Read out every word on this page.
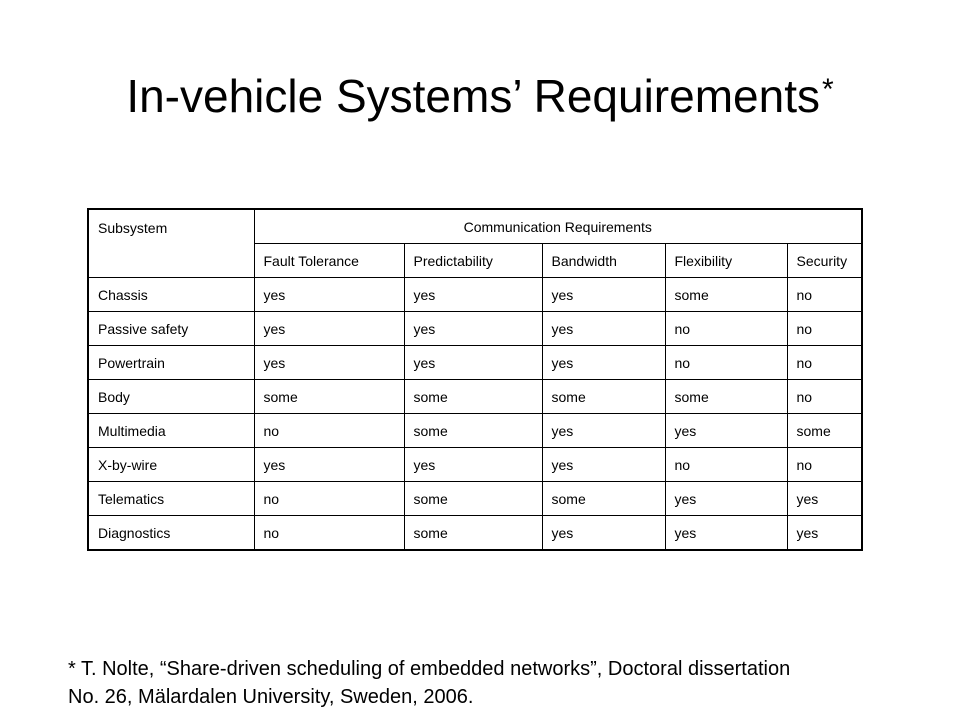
In-vehicle Systems’ Requirements*
Subsystem	Communication Requirements				
	Fault Tolerance	Predictability	Bandwidth	Flexibility	Security
Chassis	yes	yes	yes	some	no
Passive safety	yes	yes	yes	no	no
Powertrain	yes	yes	yes	no	no
Body	some	some	some	some	no
Multimedia	no	some	yes	yes	some
X-by-wire	yes	yes	yes	no	no
Telematics	no	some	some	yes	yes
Diagnostics	no	some	yes	yes	yes
* T. Nolte, “Share-driven scheduling of embedded networks”, Doctoral dissertation
No. 26, Mälardalen University, Sweden, 2006.
